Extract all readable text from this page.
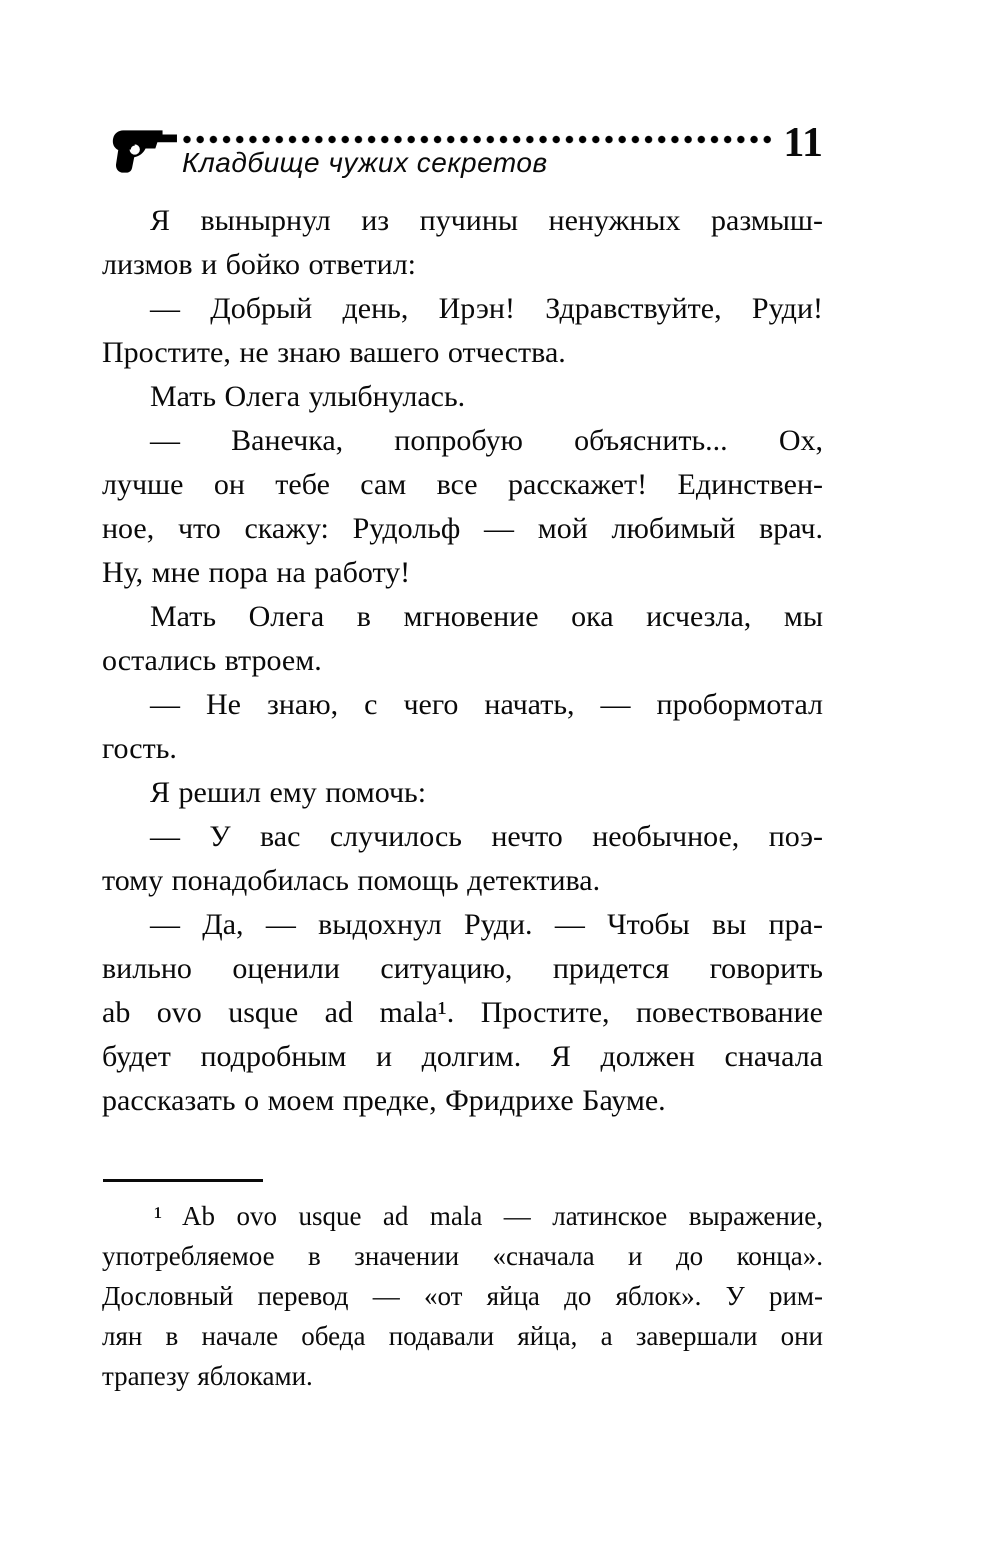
11
Кладбище чужих секретов
Я вынырнул из пучины ненужных размыш-
лизмов и бойко ответил:
— Добрый день, Ирэн! Здравствуйте, Руди!
Простите, не знаю вашего отчества.
Мать Олега улыбнулась.
— Ванечка, попробую объяснить... Ох,
лучше он тебе сам все расскажет! Единствен-
ное, что скажу: Рудольф — мой любимый врач.
Ну, мне пора на работу!
Мать Олега в мгновение ока исчезла, мы
остались втроем.
— Не знаю, с чего начать, — пробормотал
гость.
Я решил ему помочь:
— У вас случилось нечто необычное, поэ-
тому понадобилась помощь детектива.
— Да, — выдохнул Руди. — Чтобы вы пра-
вильно оценили ситуацию, придется говорить
ab ovo usque ad mala¹. Простите, повествование
будет подробным и долгим. Я должен сначала
рассказать о моем предке, Фридрихе Бауме.
¹ Ab ovo usque ad mala — латинское выражение,
употребляемое в значении «сначала и до конца».
Дословный перевод — «от яйца до яблок». У рим-
лян в начале обеда подавали яйца, а завершали они
трапезу яблоками.
